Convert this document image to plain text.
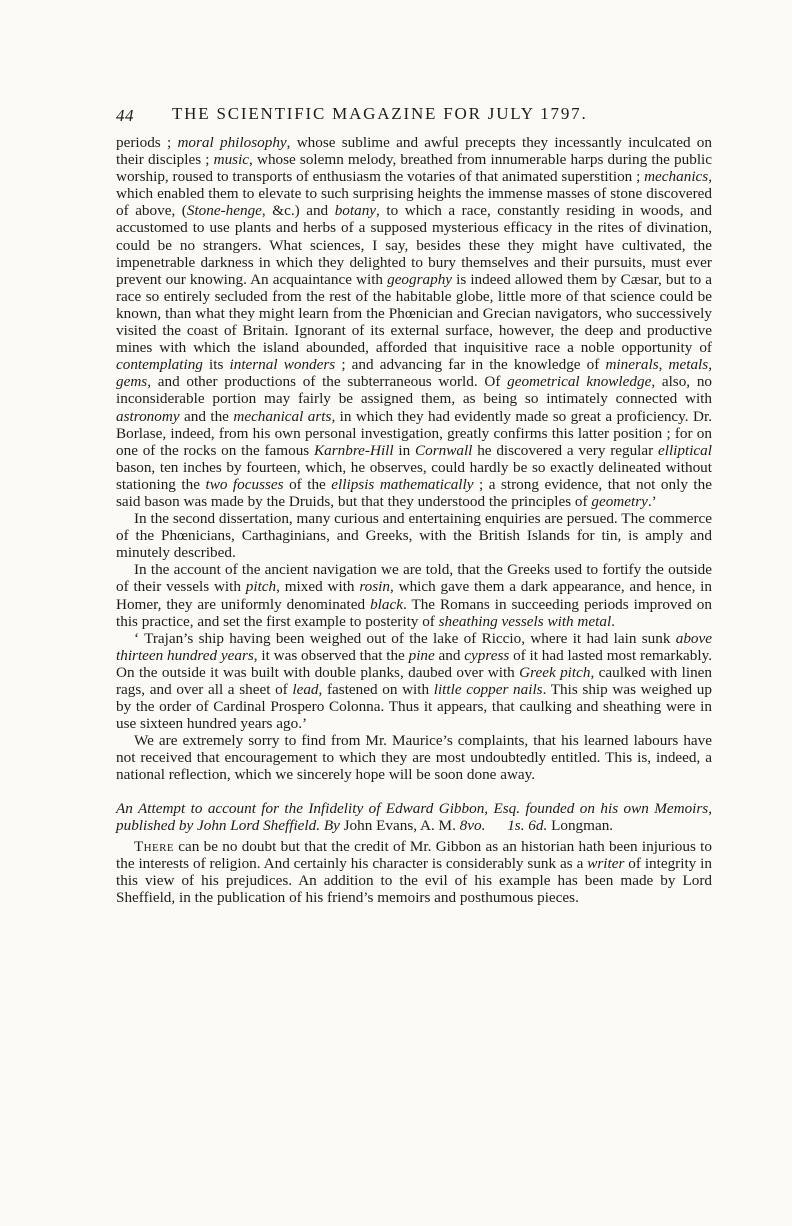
44 THE SCIENTIFIC MAGAZINE FOR JULY 1797.

periods ; moral philosophy, whose sublime and awful precepts they incessantly inculcated on their disciples ; music, whose solemn melody, breathed from innumerable harps during the public worship, roused to transports of enthusiasm the votaries of that animated superstition ; mechanics, which enabled them to elevate to such surprising heights the immense masses of stone discovered of above, (Stone-henge, &c.) and botany, to which a race, constantly residing in woods, and accustomed to use plants and herbs of a supposed mysterious efficacy in the rites of divination, could be no strangers. What sciences, I say, besides these they might have cultivated, the impenetrable darkness in which they delighted to bury themselves and their pursuits, must ever prevent our knowing. An acquaintance with geography is indeed allowed them by Cæsar, but to a race so entirely secluded from the rest of the habitable globe, little more of that science could be known, than what they might learn from the Phœnician and Grecian navigators, who successively visited the coast of Britain. Ignorant of its external surface, however, the deep and productive mines with which the island abounded, afforded that inquisitive race a noble opportunity of contemplating its internal wonders ; and advancing far in the knowledge of minerals, metals, gems, and other productions of the subterraneous world. Of geometrical knowledge, also, no inconsiderable portion may fairly be assigned them, as being so intimately connected with astronomy and the mechanical arts, in which they had evidently made so great a proficiency. Dr. Borlase, indeed, from his own personal investigation, greatly confirms this latter position ; for on one of the rocks on the famous Karnbre-Hill in Cornwall he discovered a very regular elliptical bason, ten inches by fourteen, which, he observes, could hardly be so exactly delineated without stationing the two focusses of the ellipsis mathematically ; a strong evidence, that not only the said bason was made by the Druids, but that they understood the principles of geometry.’

In the second dissertation, many curious and entertaining enquiries are persued. The commerce of the Phœnicians, Carthaginians, and Greeks, with the British Islands for tin, is amply and minutely described.

In the account of the ancient navigation we are told, that the Greeks used to fortify the outside of their vessels with pitch, mixed with rosin, which gave them a dark appearance, and hence, in Homer, they are uniformly denominated black. The Romans in succeeding periods improved on this practice, and set the first example to posterity of sheathing vessels with metal.

‘ Trajan’s ship having been weighed out of the lake of Riccio, where it had lain sunk above thirteen hundred years, it was observed that the pine and cypress of it had lasted most remarkably. On the outside it was built with double planks, daubed over with Greek pitch, caulked with linen rags, and over all a sheet of lead, fastened on with little copper nails. This ship was weighed up by the order of Cardinal Prospero Colonna. Thus it appears, that caulking and sheathing were in use sixteen hundred years ago.’

We are extremely sorry to find from Mr. Maurice’s complaints, that his learned labours have not received that encouragement to which they are most undoubtedly entitled. This is, indeed, a national reflection, which we sincerely hope will be soon done away.

An Attempt to account for the Infidelity of Edward Gibbon, Esq. founded on his own Memoirs, published by John Lord Sheffield. By John Evans, A. M. 8vo. 1s. 6d. Longman.

There can be no doubt but that the credit of Mr. Gibbon as an historian hath been injurious to the interests of religion. And certainly his character is considerably sunk as a writer of integrity in this view of his prejudices. An addition to the evil of his example has been made by Lord Sheffield, in the publication of his friend’s memoirs and posthumous pieces.
